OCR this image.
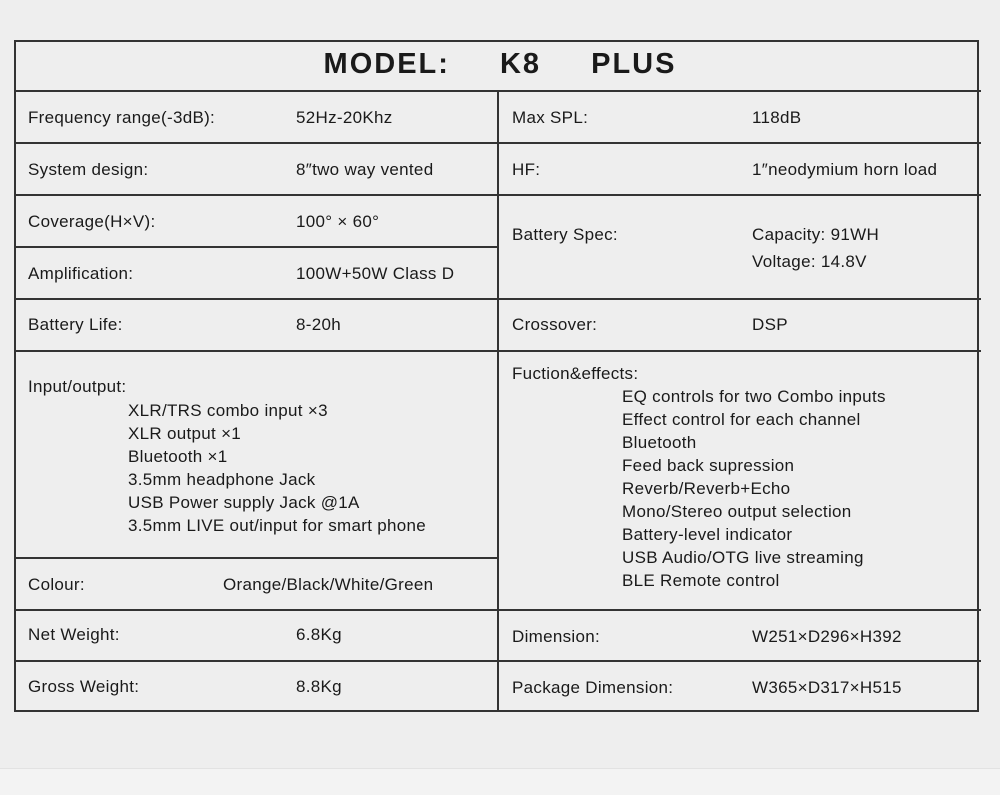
MODEL: K8 PLUS
Frequency range(-3dB):	52Hz-20Khz
System design:	8″two way vented
Coverage(H×V):	100° × 60°
Amplification:	100W+50W Class D
Battery Life:	8-20h
Colour:	Orange/Black/White/Green
Net Weight:	6.8Kg
Gross Weight:	8.8Kg
Max SPL:	118dB
HF:	1″neodymium horn load
Battery Spec:	Capacity: 91WH
Voltage: 14.8V
Crossover:	DSP
Dimension:	W251×D296×H392
Package Dimension:	W365×D317×H515
Input/output:
XLR/TRS combo input ×3
XLR output ×1
Bluetooth ×1
3.5mm headphone Jack
USB Power supply Jack @1A
3.5mm LIVE out/input for smart phone
Fuction&effects:
EQ controls for two Combo inputs
Effect control for each channel
Bluetooth
Feed back supression
Reverb/Reverb+Echo
Mono/Stereo output selection
Battery-level indicator
USB Audio/OTG live streaming
BLE Remote control
